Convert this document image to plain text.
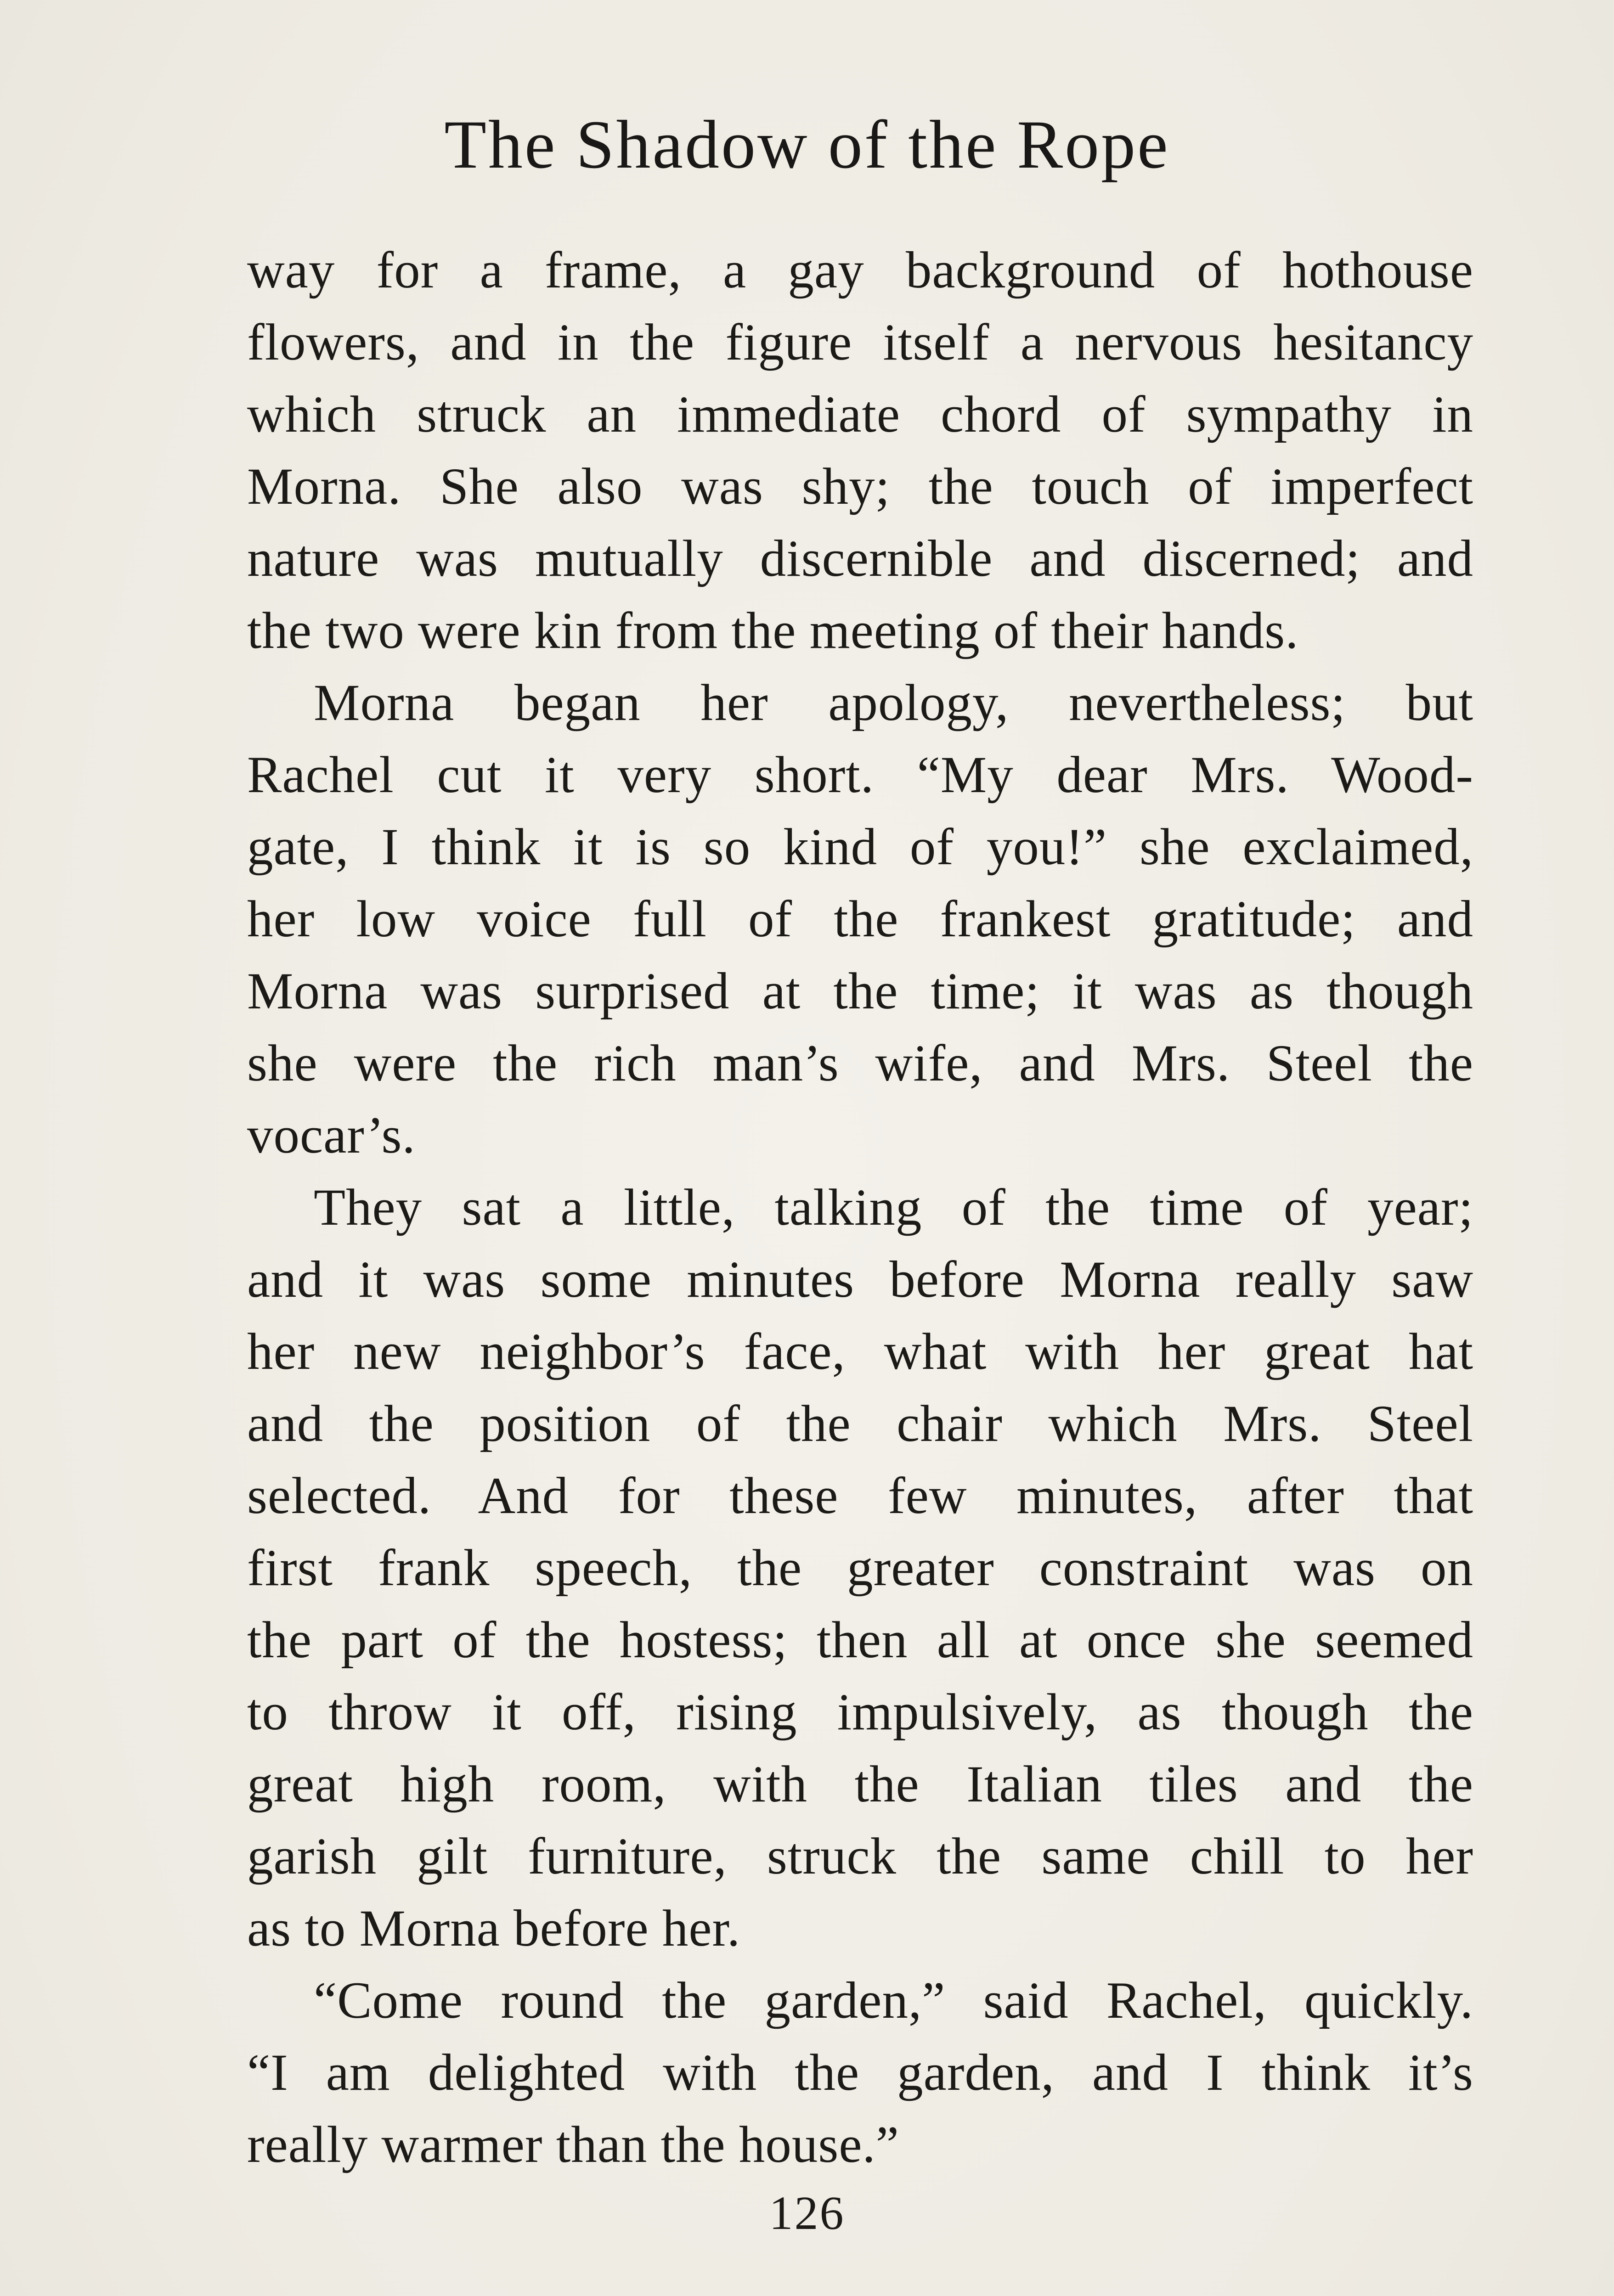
The Shadow of the Rope
way for a frame, a gay background of hothouse
flowers, and in the figure itself a nervous hesitancy
which struck an immediate chord of sympathy in
Morna. She also was shy; the touch of imperfect
nature was mutually discernible and discerned; and
the two were kin from the meeting of their hands.
Morna began her apology, nevertheless; but
Rachel cut it very short. “My dear Mrs. Wood-
gate, I think it is so kind of you!” she exclaimed,
her low voice full of the frankest gratitude; and
Morna was surprised at the time; it was as though
she were the rich man’s wife, and Mrs. Steel the
vocar’s.
They sat a little, talking of the time of year;
and it was some minutes before Morna really saw
her new neighbor’s face, what with her great hat
and the position of the chair which Mrs. Steel
selected. And for these few minutes, after that
first frank speech, the greater constraint was on
the part of the hostess; then all at once she seemed
to throw it off, rising impulsively, as though the
great high room, with the Italian tiles and the
garish gilt furniture, struck the same chill to her
as to Morna before her.
“Come round the garden,” said Rachel, quickly.
“I am delighted with the garden, and I think it’s
really warmer than the house.”
126
